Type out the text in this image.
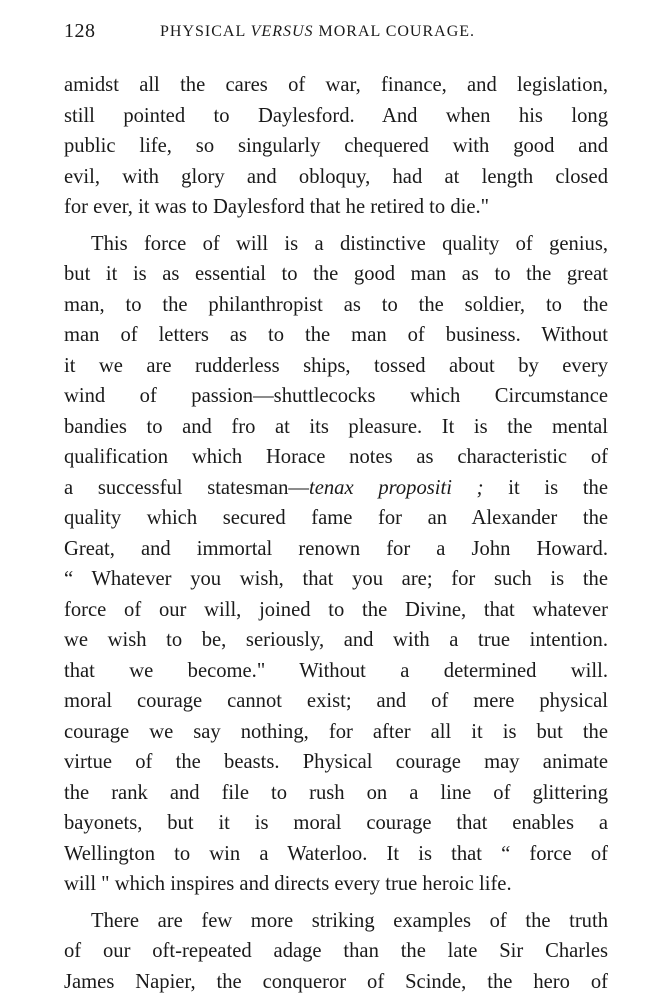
128	PHYSICAL VERSUS MORAL COURAGE.
amidst all the cares of war, finance, and legislation,
still pointed to Daylesford. And when his long
public life, so singularly chequered with good and
evil, with glory and obloquy, had at length closed
for ever, it was to Daylesford that he retired to die."
This force of will is a distinctive quality of genius,
but it is as essential to the good man as to the great
man, to the philanthropist as to the soldier, to the
man of letters as to the man of business. Without
it we are rudderless ships, tossed about by every
wind of passion—shuttlecocks which Circumstance
bandies to and fro at its pleasure. It is the mental
qualification which Horace notes as characteristic of
a successful statesman—tenax propositi ; it is the
quality which secured fame for an Alexander the
Great, and immortal renown for a John Howard.
“ Whatever you wish, that you are; for such is the
force of our will, joined to the Divine, that whatever
we wish to be, seriously, and with a true intention.
that we become." Without a determined will.
moral courage cannot exist; and of mere physical
courage we say nothing, for after all it is but the
virtue of the beasts. Physical courage may animate
the rank and file to rush on a line of glittering
bayonets, but it is moral courage that enables a
Wellington to win a Waterloo. It is that “ force of
will " which inspires and directs every true heroic life.
There are few more striking examples of the truth
of our oft-repeated adage than the late Sir Charles
James Napier, the conqueror of Scinde, the hero of
